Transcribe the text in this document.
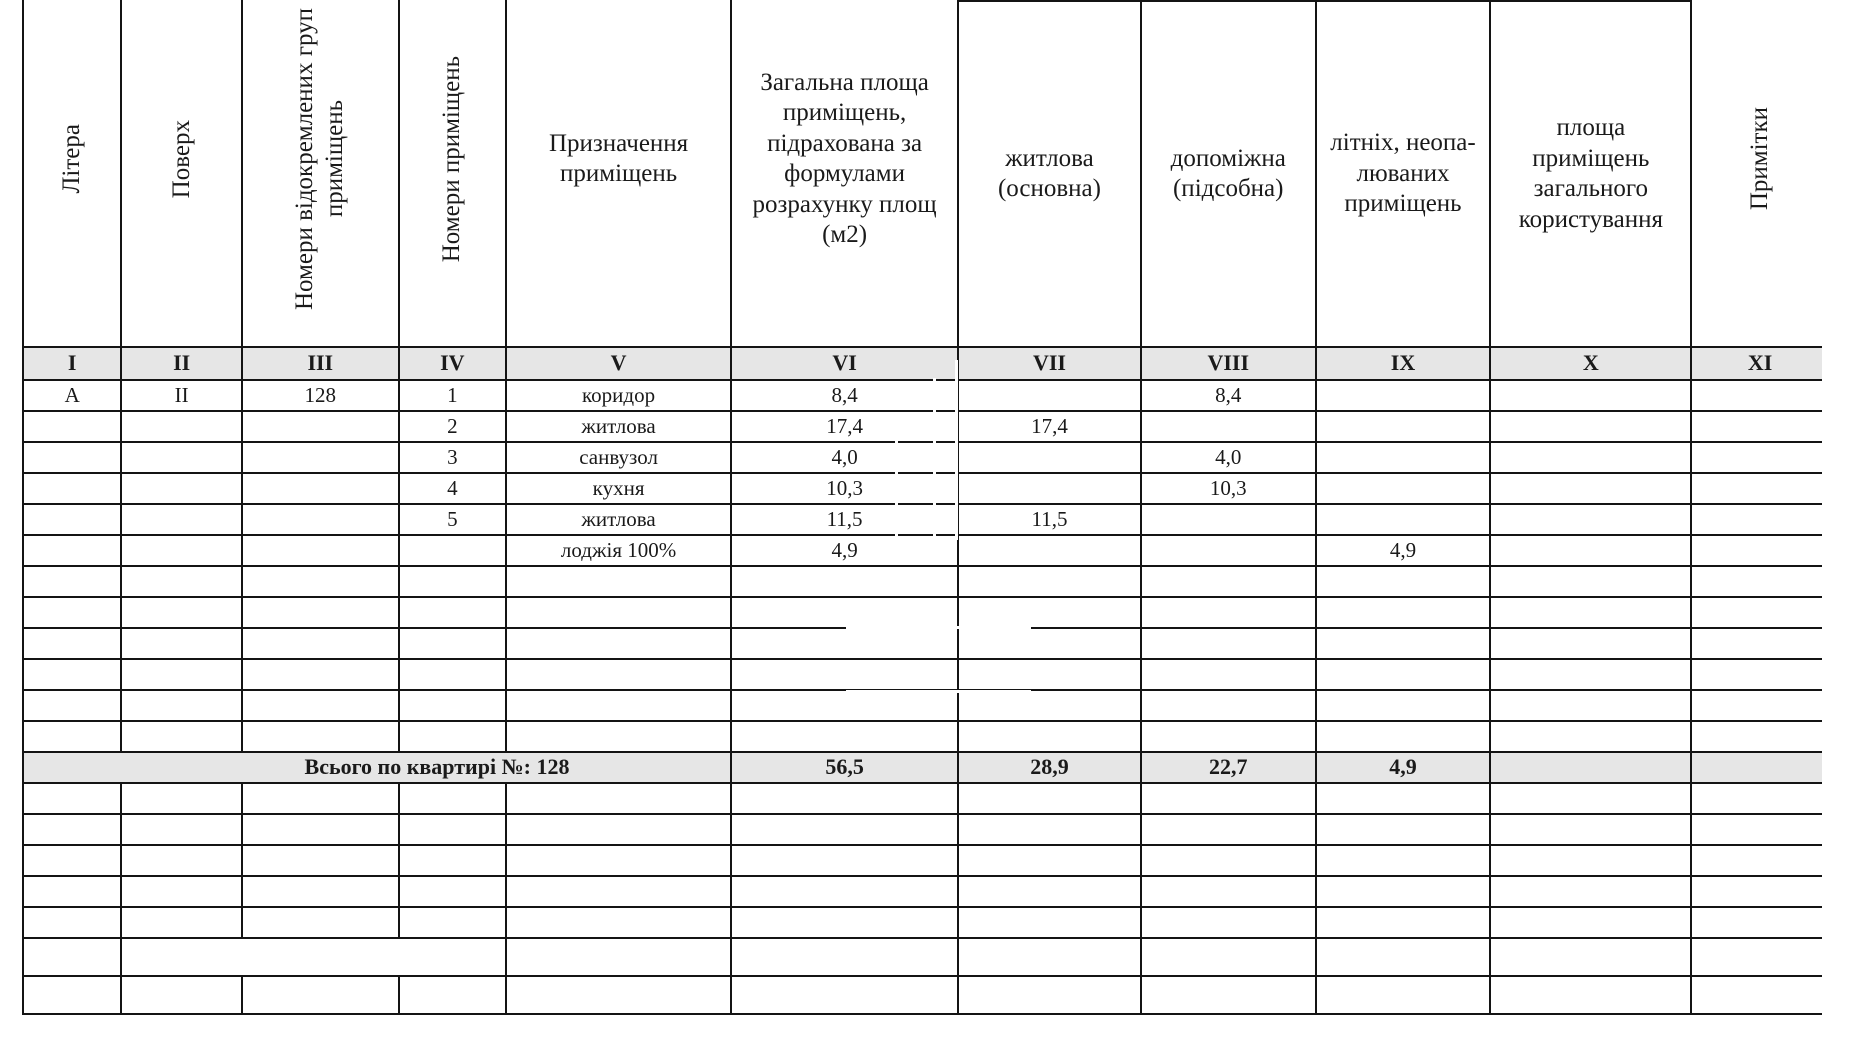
Літера	Поверх	Номери відокремлених груп приміщень	Номери приміщень	Призначення приміщень	Загальна площа приміщень, підрахована за формулами розрахунку площ (м2)					Примітки

						житлова (основна)	допоміжна (підсобна)	літніх, неопа-люваних приміщень	площа приміщень загального користування	
I	II	III	IV	V	VI	VII	VIII	IX	X	XI
А	II	128	1	коридор	8,4		8,4			
			2	житлова	17,4	17,4				
			3	санвузол	4,0		4,0			
			4	кухня	10,3		10,3			
			5	житлова	11,5	11,5				
				лоджія 100%	4,9			4,9		

Всього по квартирі №: 128					56,5	28,9	22,7	4,9		
